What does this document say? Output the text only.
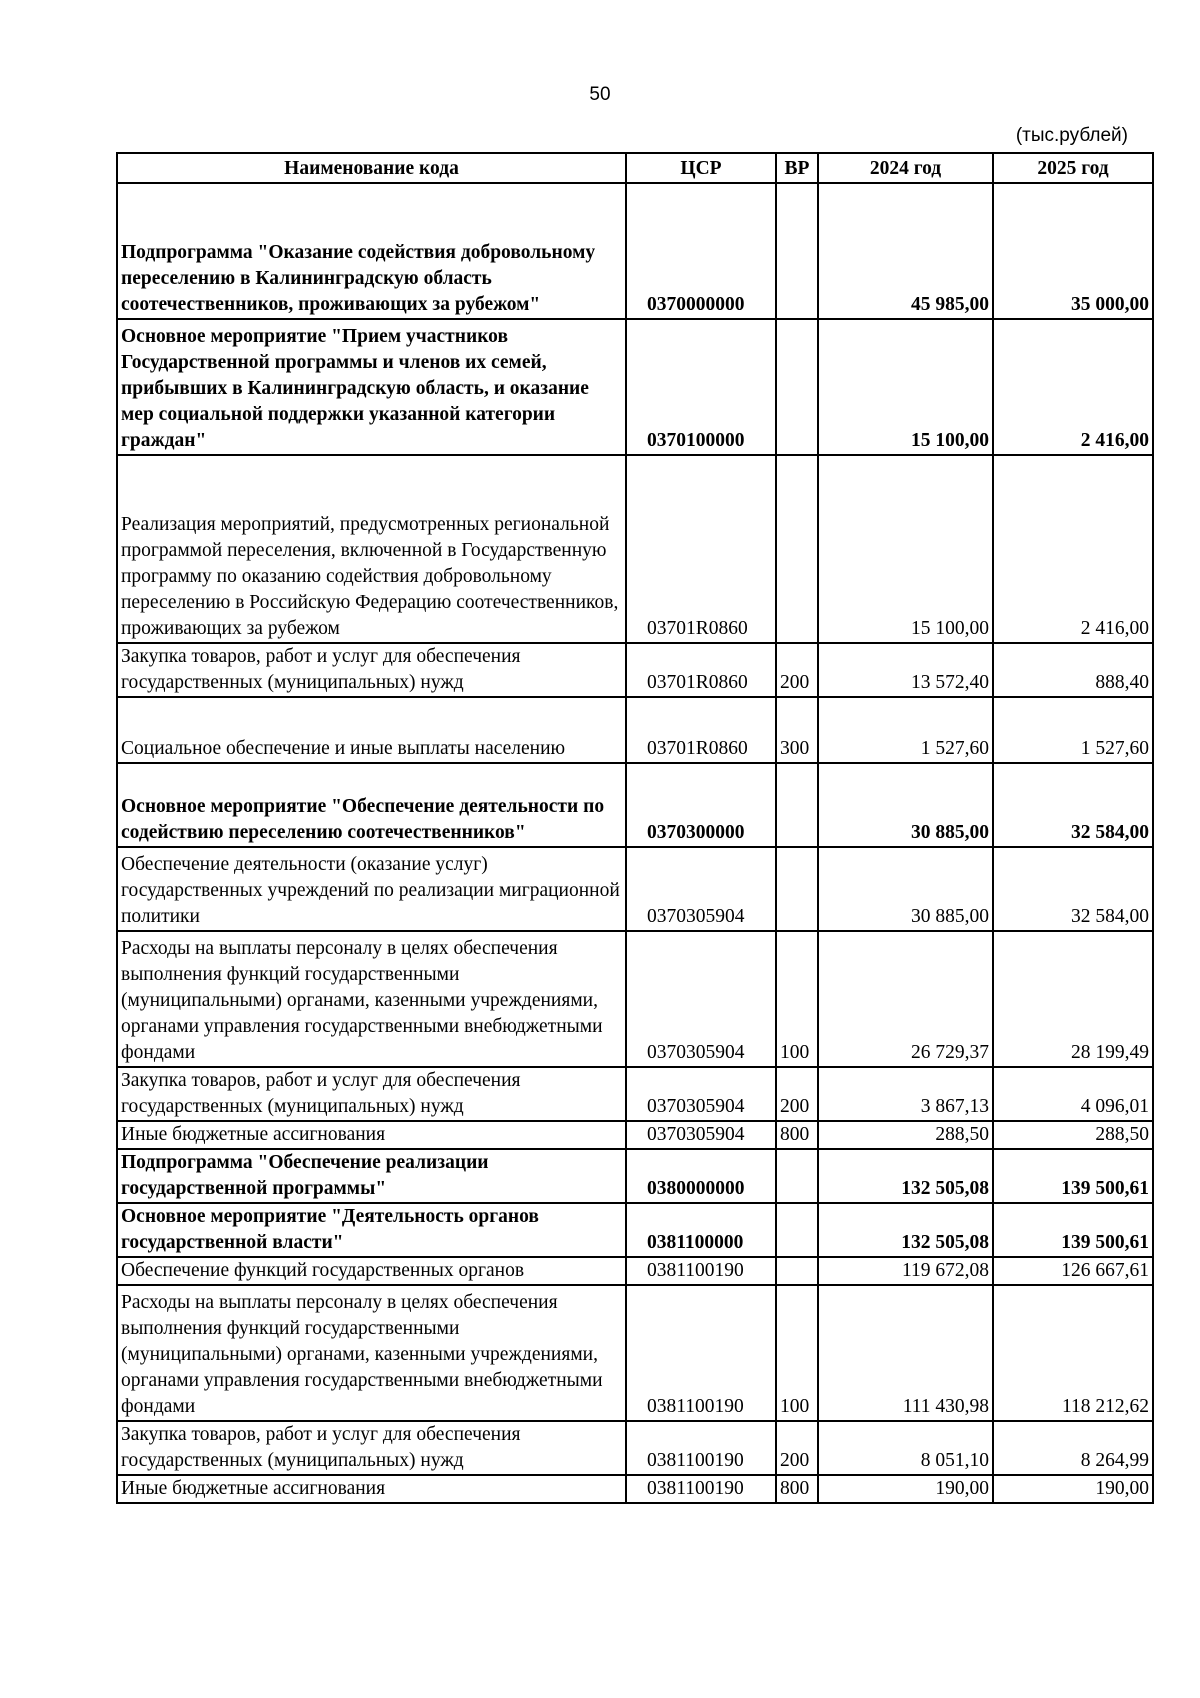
50
(тыс.рублей)
Наименование кода	ЦСР	ВР	2024 год	2025 год
Подпрограмма "Оказание содействия добровольному переселению в Калининградскую область соотечественников, проживающих за рубежом"	0370000000		45 985,00	35 000,00
Основное мероприятие "Прием участников Государственной программы и членов их семей, прибывших в Калининградскую область, и оказание мер социальной поддержки указанной категории граждан"	0370100000		15 100,00	2 416,00
Реализация мероприятий, предусмотренных региональной программой переселения, включенной в Государственную программу по оказанию содействия добровольному переселению в Российскую Федерацию соотечественников, проживающих за рубежом	03701R0860		15 100,00	2 416,00
Закупка товаров, работ и услуг для обеспечения государственных (муниципальных) нужд	03701R0860	200	13 572,40	888,40
Социальное обеспечение и иные выплаты населению	03701R0860	300	1 527,60	1 527,60
Основное мероприятие "Обеспечение деятельности по содействию переселению соотечественников"	0370300000		30 885,00	32 584,00
Обеспечение деятельности (оказание услуг) государственных учреждений по реализации миграционной политики	0370305904		30 885,00	32 584,00
Расходы на выплаты персоналу в целях обеспечения выполнения функций государственными (муниципальными) органами, казенными учреждениями, органами управления государственными внебюджетными фондами	0370305904	100	26 729,37	28 199,49
Закупка товаров, работ и услуг для обеспечения государственных (муниципальных) нужд	0370305904	200	3 867,13	4 096,01
Иные бюджетные ассигнования	0370305904	800	288,50	288,50
Подпрограмма "Обеспечение реализации государственной программы"	0380000000		132 505,08	139 500,61
Основное мероприятие "Деятельность органов государственной власти"	0381100000		132 505,08	139 500,61
Обеспечение функций государственных органов	0381100190		119 672,08	126 667,61
Расходы на выплаты персоналу в целях обеспечения выполнения функций государственными (муниципальными) органами, казенными учреждениями, органами управления государственными внебюджетными фондами	0381100190	100	111 430,98	118 212,62
Закупка товаров, работ и услуг для обеспечения государственных (муниципальных) нужд	0381100190	200	8 051,10	8 264,99
Иные бюджетные ассигнования	0381100190	800	190,00	190,00
